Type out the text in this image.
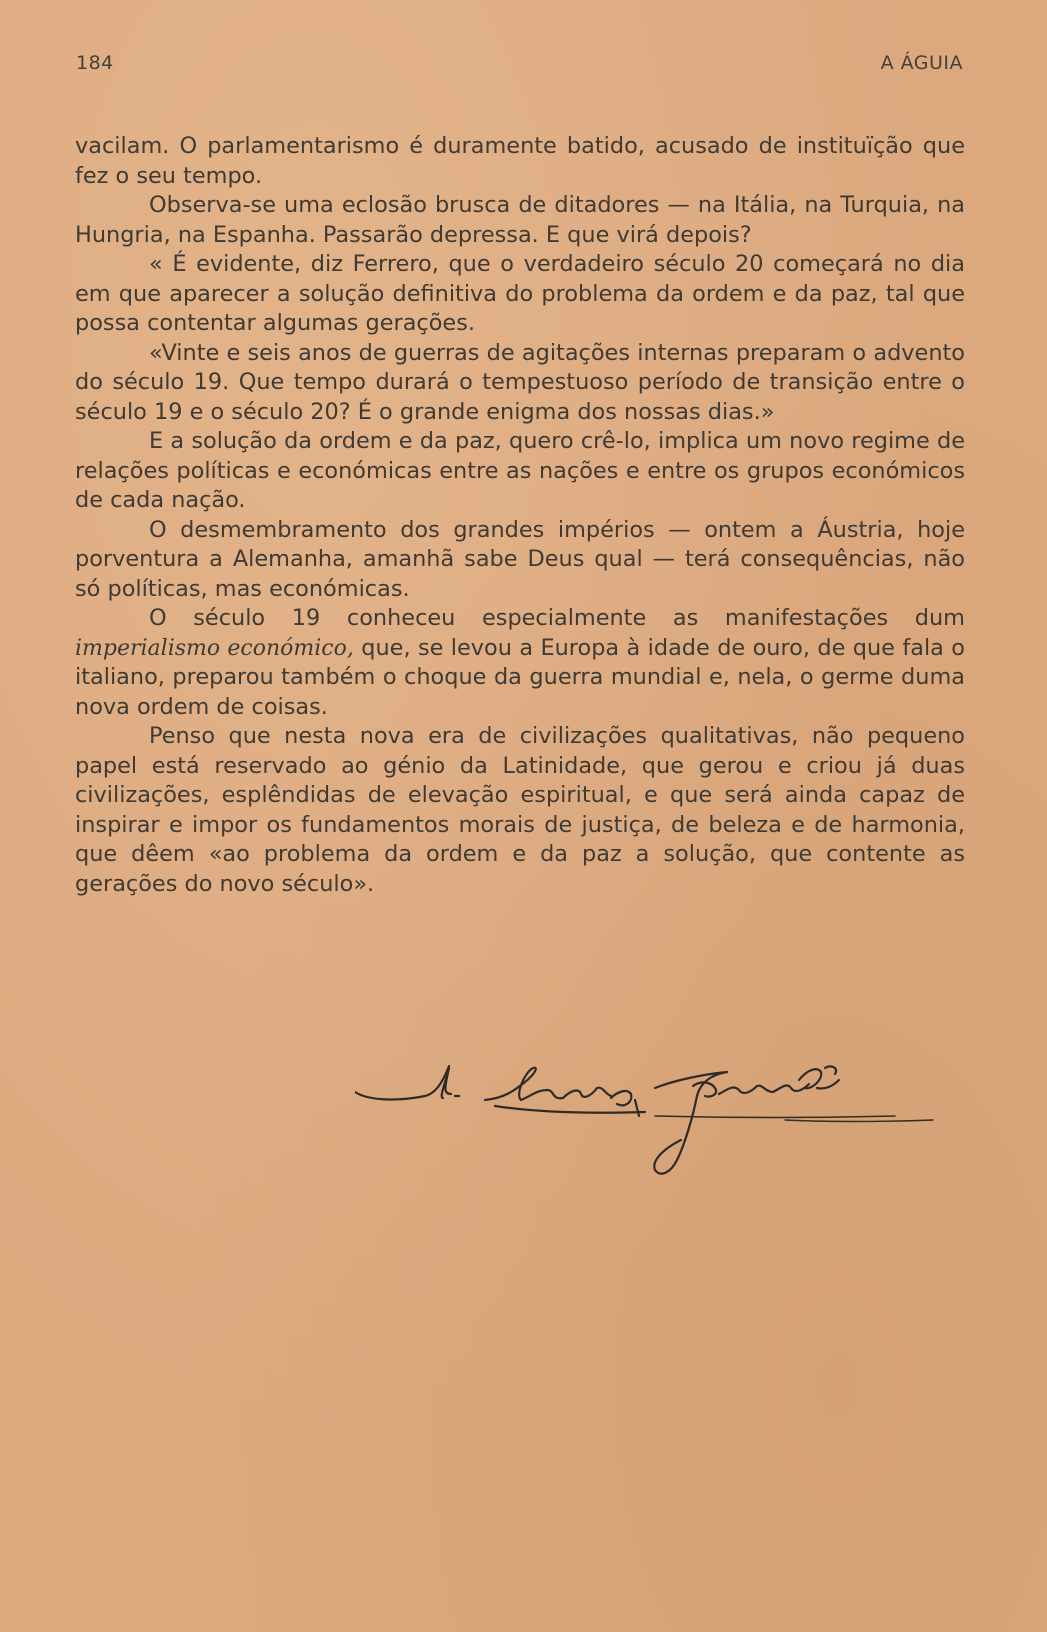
184	A ÁGUIA

vacilam. O parlamentarismo é duramente batido, acusado de instituïção que fez o seu tempo.

Observa-se uma eclosão brusca de ditadores — na Itália, na Turquia, na Hungria, na Espanha. Passarão depressa. E que virá depois?

« É evidente, diz Ferrero, que o verdadeiro século 20 começará no dia em que aparecer a solução definitiva do problema da ordem e da paz, tal que possa contentar algumas gerações.

«Vinte e seis anos de guerras de agitações internas preparam o advento do século 19. Que tempo durará o tempestuoso período de transição entre o século 19 e o século 20? É o grande enigma dos nossas dias.»

E a solução da ordem e da paz, quero crê-lo, implica um novo regime de relações políticas e económicas entre as nações e entre os grupos económicos de cada nação.

O desmembramento dos grandes impérios — ontem a Áustria, hoje porventura a Alemanha, amanhã sabe Deus qual — terá consequências, não só políticas, mas económicas.

O século 19 conheceu especialmente as manifestações dum imperialismo económico, que, se levou a Europa à idade de ouro, de que fala o italiano, preparou também o choque da guerra mundial e, nela, o germe duma nova ordem de coisas.

Penso que nesta nova era de civilizações qualitativas, não pequeno papel está reservado ao génio da Latinidade, que gerou e criou já duas civilizações, esplêndidas de elevação espiritual, e que será ainda capaz de inspirar e impor os fundamentos morais de justiça, de beleza e de harmonia, que dêem «ao problema da ordem e da paz a solução, que contente as gerações do novo século».
